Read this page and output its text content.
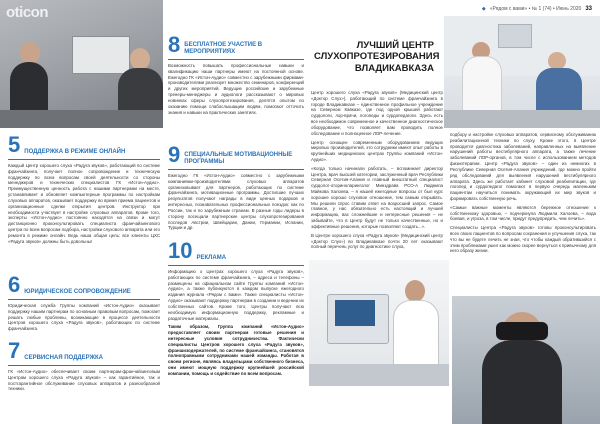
◆ «Рядом с вами» • № 1 (74) • Июнь 2020 33
oticon
5 ПОДДЕРЖКА В РЕЖИМЕ ОНЛАЙН
Каждый Центр хорошего слуха «Радуга звуков», работающий по системе франчайзинга, получает полное сопровождение и техническую поддержку по всем вопросам своей деятельности со стороны менеджеров и технических специалистов ГК «Истон-Аудио». Преимущественную ценность работа с нашими партнерами на месте, устанавливает и обновляет компьютерные программы по настройкам слуховых аппаратов, оказывает поддержку во время приема пациентов и организационные сделки открытия центров. Инструктор при необходимости участвует в настройке слуховых аппаратов. Кроме того, эксперты «Истон-Аудио» постоянно находятся на связи и могут дистанционно проконсультировать специалиста франчайзингового центра по всем вопросам подбора, настройки слухового аппарата или его ремонта в режиме онлайн. Ведь наша общая цель: все клиенты ЦХС «Радуга звуков» должны быть довольны!
6 ЮРИДИЧЕСКОЕ СОПРОВОЖДЕНИЕ
Юридическая служба Группы компаний «Истон-Аудио» оказывает поддержку нашим партнерам по основным правовым вопросам, помогает решать любые проблемы, возникающие в процессе деятельности Центров хорошего слуха «Радуга звуков», работающих по системе франчайзинга.
7 СЕРВИСНАЯ ПОДДЕРЖКА
ГК «Истон-Аудио» обеспечивает своим партнерам-франчайзинговым Центрам хорошего слуха «Радуга звуков» – как гарантийное, так и постгарантийное обслуживание слуховых аппаратов и разнообразной техники.
8 БЕСПЛАТНОЕ УЧАСТИЕ В МЕРОПРИЯТИЯХ
Возможность повышать профессиональные навыки и квалификацию наши партнеры имеют на постоянной основе. Ежегодно ГК «Истон-Аудио» совместно с зарубежными фирмами-производителями реализует множество семинаров, конференций и других мероприятий. Ведущие российские и зарубежные тренеры-менеджеры и аудиологи рассказывают о мировых новинках сферы слухопротезирования, делятся опытом по оказанию помощи слабослышащим людям, помогают отточить знания и навыки на практических занятиях.
9 СПЕЦИАЛЬНЫЕ МОТИВАЦИОННЫЕ ПРОГРАММЫ
Ежегодно ГК «Истон-Аудио» совместно с зарубежными компаниями-производителями слуховых аппаратов организовывает для партнеров, работающих по системе франчайзинга, мотивационные программы. Достигшие лучших результатов получают награды в виде ценных подарков и интересных, познавательных профессиональных поездок: как по России, так и по зарубежным странам. В разные годы лидеры в сторону посещали партнерские центры слухопротезирования последов Австрии, Швейцарии, Дании, Германии, Испании, Турции и др.
10 РЕКЛАМА
Информацию о Центрах хорошего слуха «Радуга звуков», работающих по системе франчайзинга, – адреса и телефоны – размещены на официальном сайте Группы компаний «Истон-Аудио», а также публикуются в каждом выпуске ежегодного издания журнала «Рядом с вами». Также специалисты «Истон-Аудио» оказывают поддержку партнерам в создании и ведении их собственных сайтов. Кроме того, Центры получают всю необходимую информационную поддержку, рекламные и раздаточные материалы.
Таким образом, Группа компаний «Истон-Аудио» предоставляет своим партнерам готовые решения и интересные условия сотрудничества. Фактически специалисты Центров хорошего слуха «Радуга звуков», франшизодержателей, по системе франчайзинга, становятся полноправными сотрудниками нашей команды. Работая в своем регионе, являясь владельцами собственного бизнеса, они имеют мощную поддержку крупнейшей российской компании, помощь и содействие по всем вопросам.
ЛУЧШИЙ ЦЕНТР СЛУХОПРОТЕЗИРОВАНИЯ ВЛАДИКАВКАЗА
Центр хорошего слуха «Радуга звуков» (Медицинский центр «Доктор Слух»), работающий по системе франчайзинга в городе Владикавказе – единственное профильное учреждение на Северном Кавказе, где под одной крышей работают сурдологи, лор-врачи, логопеды и сурдопедагоги. Здесь есть все необходимое современное и качественное диагностическое оборудование, что позволяет вам проводить полное обследование и полноценное ЛОР-лечение.
Центр оснащен современным оборудованием ведущих мировых производителей, это сотрудники имеют опыт работы в крупнейших медицинских центрах Группы компаний «Истон-Аудио».
«Когда только начинали работать, – вспоминает директор Центра, врач высшей категории, заслуженный врач Республики Северная Осетия-Алания и главный внештатный специалист сурдолог-оториноларинголог Минздрава РСО-А Людмила Майкова Халоева, – я нашей ежегодные вопросы от был курс хорошее хорошо слуховое отношение, тем самым открывать. Мы решили спрос ставим ответ на возросший запрос. Самое главное, у нас обязательно есть настоящий и лучшей информацию, вас сложнейшие и интересные решения – не забывайте, что в Центр будут не только качественные, но и эффективные решения, которые позволяют создать...».
В Центре хорошего слуха «Радуга звуков» (Медицинский центр «Доктор Слух») во Владикавказе почти 20 лет оказывают полный перечень услуг по диагностике слуха,
подбору и настройке слуховых аппаратов, сервисному обслуживанию реабилитационной техники по слуху. Кроме этого, в Центре проводится диагностика заболеваний, направленных на выявление нарушений работы вестибулярного аппарата, а также лечение заболеваний ЛОР-органов, в том числе с использованием методов физиотерапии. Центр «Радуга звуков» – один из немногих в Республике Северная Осетия-Алания учреждений, где можно пройти ряд обследований для выявления нарушений вестибулярного аппарата. Здесь же работает кабинет слуховой реабилитации, где логопед и сурдопедагог помогают в первую очередь маленьким пациентам научиться понимать окружающий их мир звуков и формировать собственную речь.
«Самые важные моменты являются бережное отношение к собственному здоровью, – подчеркнула Людмила Халоева, – вода боевая, и угроза, в том числе, придут предупредить, чем лечить».
Специалисты Центра «Радуга звуков» готовы проконсультировать всех своих пациентов по вопросам сохранения и улучшения слуха, так что вы не будете лечить не зная, что чтобы каждый обратившийся с этим проблемами ушел как можно скорее вернуться к привычному для него образу жизни.
